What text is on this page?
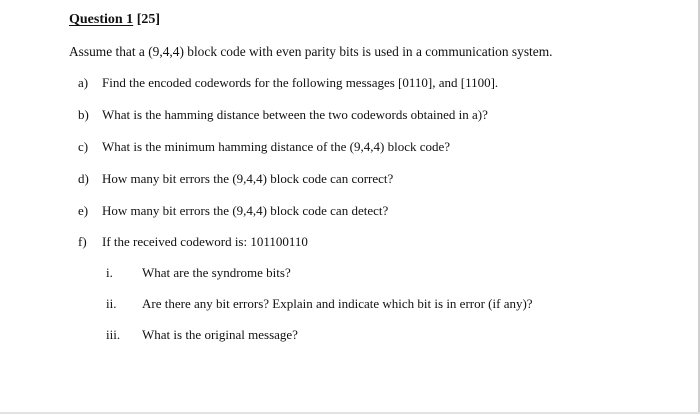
Question 1 [25]
Assume that a (9,4,4) block code with even parity bits is used in a communication system.
a) Find the encoded codewords for the following messages [0110], and [1100].
b) What is the hamming distance between the two codewords obtained in a)?
c) What is the minimum hamming distance of the (9,4,4) block code?
d) How many bit errors the (9,4,4) block code can correct?
e) How many bit errors the (9,4,4) block code can detect?
f) If the received codeword is: 101100110
i. What are the syndrome bits?
ii. Are there any bit errors? Explain and indicate which bit is in error (if any)?
iii. What is the original message?
